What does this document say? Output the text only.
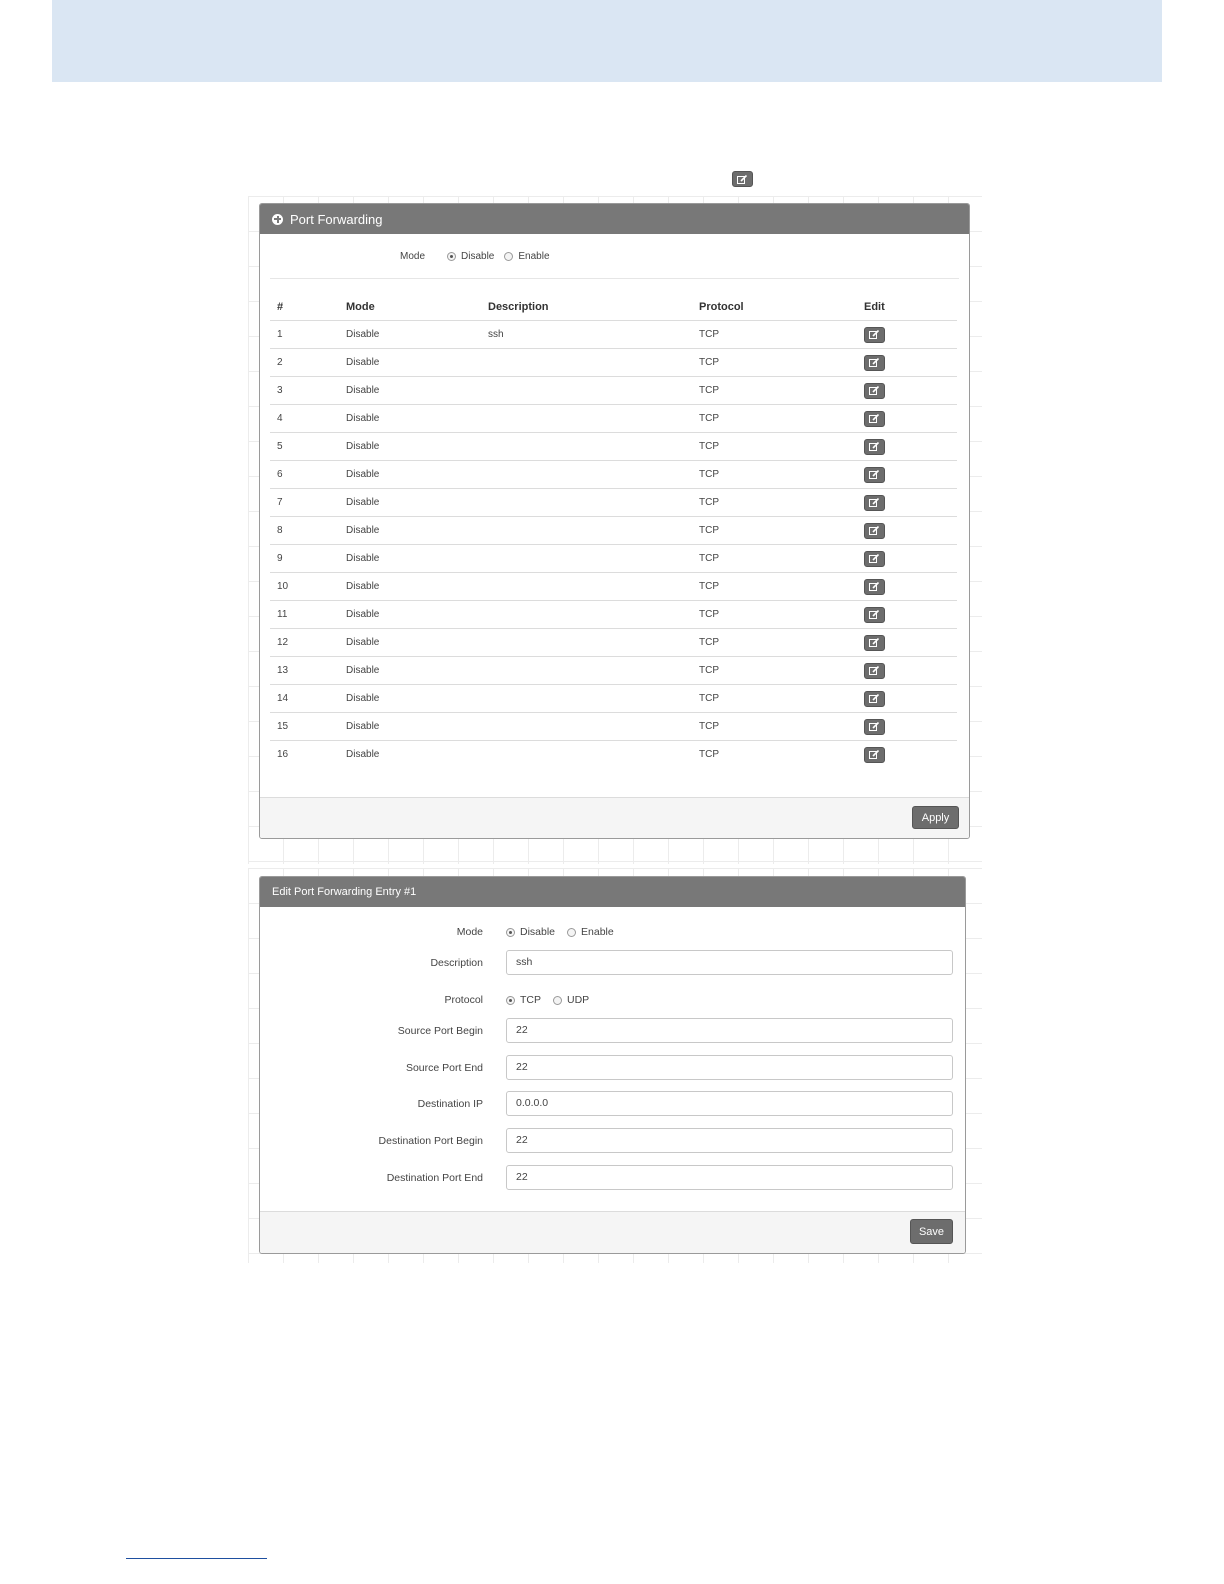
Port Forwarding
Mode	Disable Enable
#	Mode	Description	Protocol	Edit
1	Disable	ssh	TCP	

2	Disable		TCP	

3	Disable		TCP	

4	Disable		TCP	

5	Disable		TCP	

6	Disable		TCP	

7	Disable		TCP	

8	Disable		TCP	

9	Disable		TCP	

10	Disable		TCP	

11	Disable		TCP	

12	Disable		TCP	

13	Disable		TCP	

14	Disable		TCP	

15	Disable		TCP	

16	Disable		TCP	
Apply
Edit Port Forwarding Entry #1
Mode	Disable Enable
Description	ssh
Protocol	TCP UDP
Source Port Begin	22
Source Port End	22
Destination IP	0.0.0.0
Destination Port Begin	22
Destination Port End	22
Save
